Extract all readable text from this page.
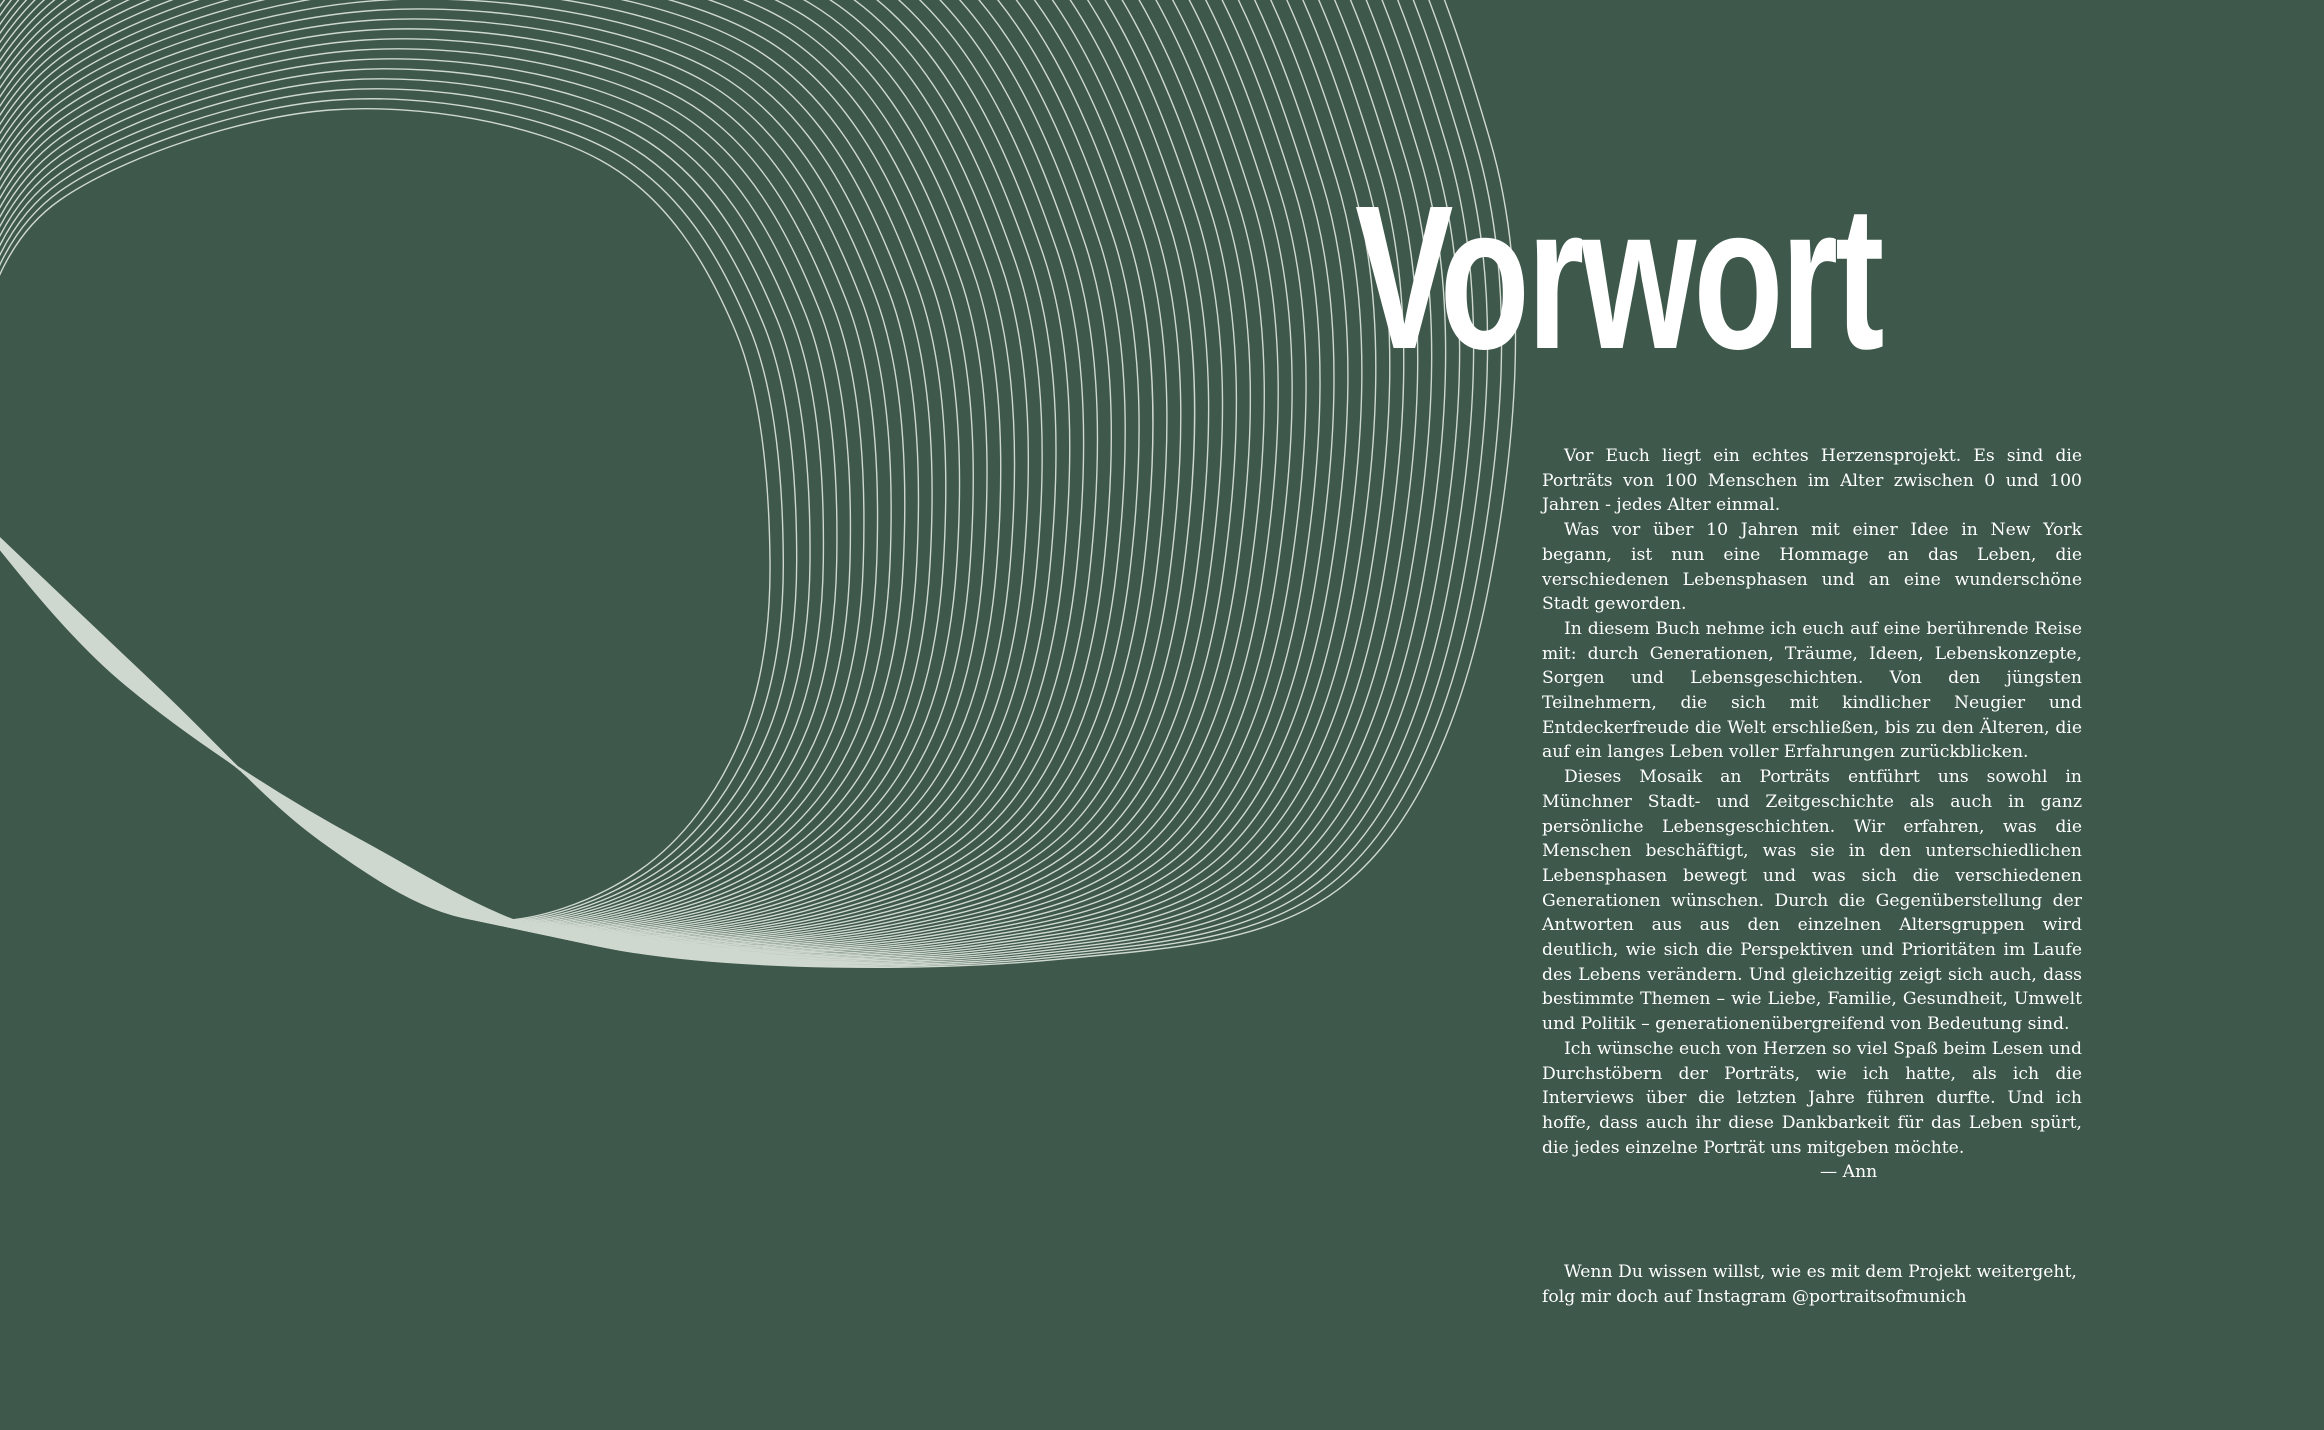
Vorwort

Vor Euch liegt ein echtes Herzensprojekt. Es sind die Porträts von 100 Menschen im Alter zwischen 0 und 100 Jahren - jedes Alter einmal.

Was vor über 10 Jahren mit einer Idee in New York begann, ist nun eine Hommage an das Leben, die verschiedenen Lebensphasen und an eine wunderschöne Stadt geworden.

In diesem Buch nehme ich euch auf eine berührende Reise mit: durch Generationen, Träume, Ideen, Lebenskonzepte, Sorgen und Lebensgeschichten. Von den jüngsten Teilnehmern, die sich mit kindlicher Neugier und Entdeckerfreude die Welt erschließen, bis zu den Älteren, die auf ein langes Leben voller Erfahrungen zurückblicken.

Dieses Mosaik an Porträts entführt uns sowohl in Münchner Stadt- und Zeitgeschichte als auch in ganz persönliche Lebensgeschichten. Wir erfahren, was die Menschen beschäftigt, was sie in den unterschiedlichen Lebensphasen bewegt und was sich die verschiedenen Generationen wünschen. Durch die Gegenüberstellung der Antworten aus aus den einzelnen Altersgruppen wird deutlich, wie sich die Perspektiven und Prioritäten im Laufe des Lebens verändern. Und gleichzeitig zeigt sich auch, dass bestimmte Themen – wie Liebe, Familie, Gesundheit, Umwelt und Politik – generationenübergreifend von Bedeutung sind.

Ich wünsche euch von Herzen so viel Spaß beim Lesen und Durchstöbern der Porträts, wie ich hatte, als ich die Interviews über die letzten Jahre führen durfte. Und ich hoffe, dass auch ihr diese Dankbarkeit für das Leben spürt, die jedes einzelne Porträt uns mitgeben möchte.

— Ann

Wenn Du wissen willst, wie es mit dem Projekt weitergeht, folg mir doch auf Instagram @portraitsofmunich
